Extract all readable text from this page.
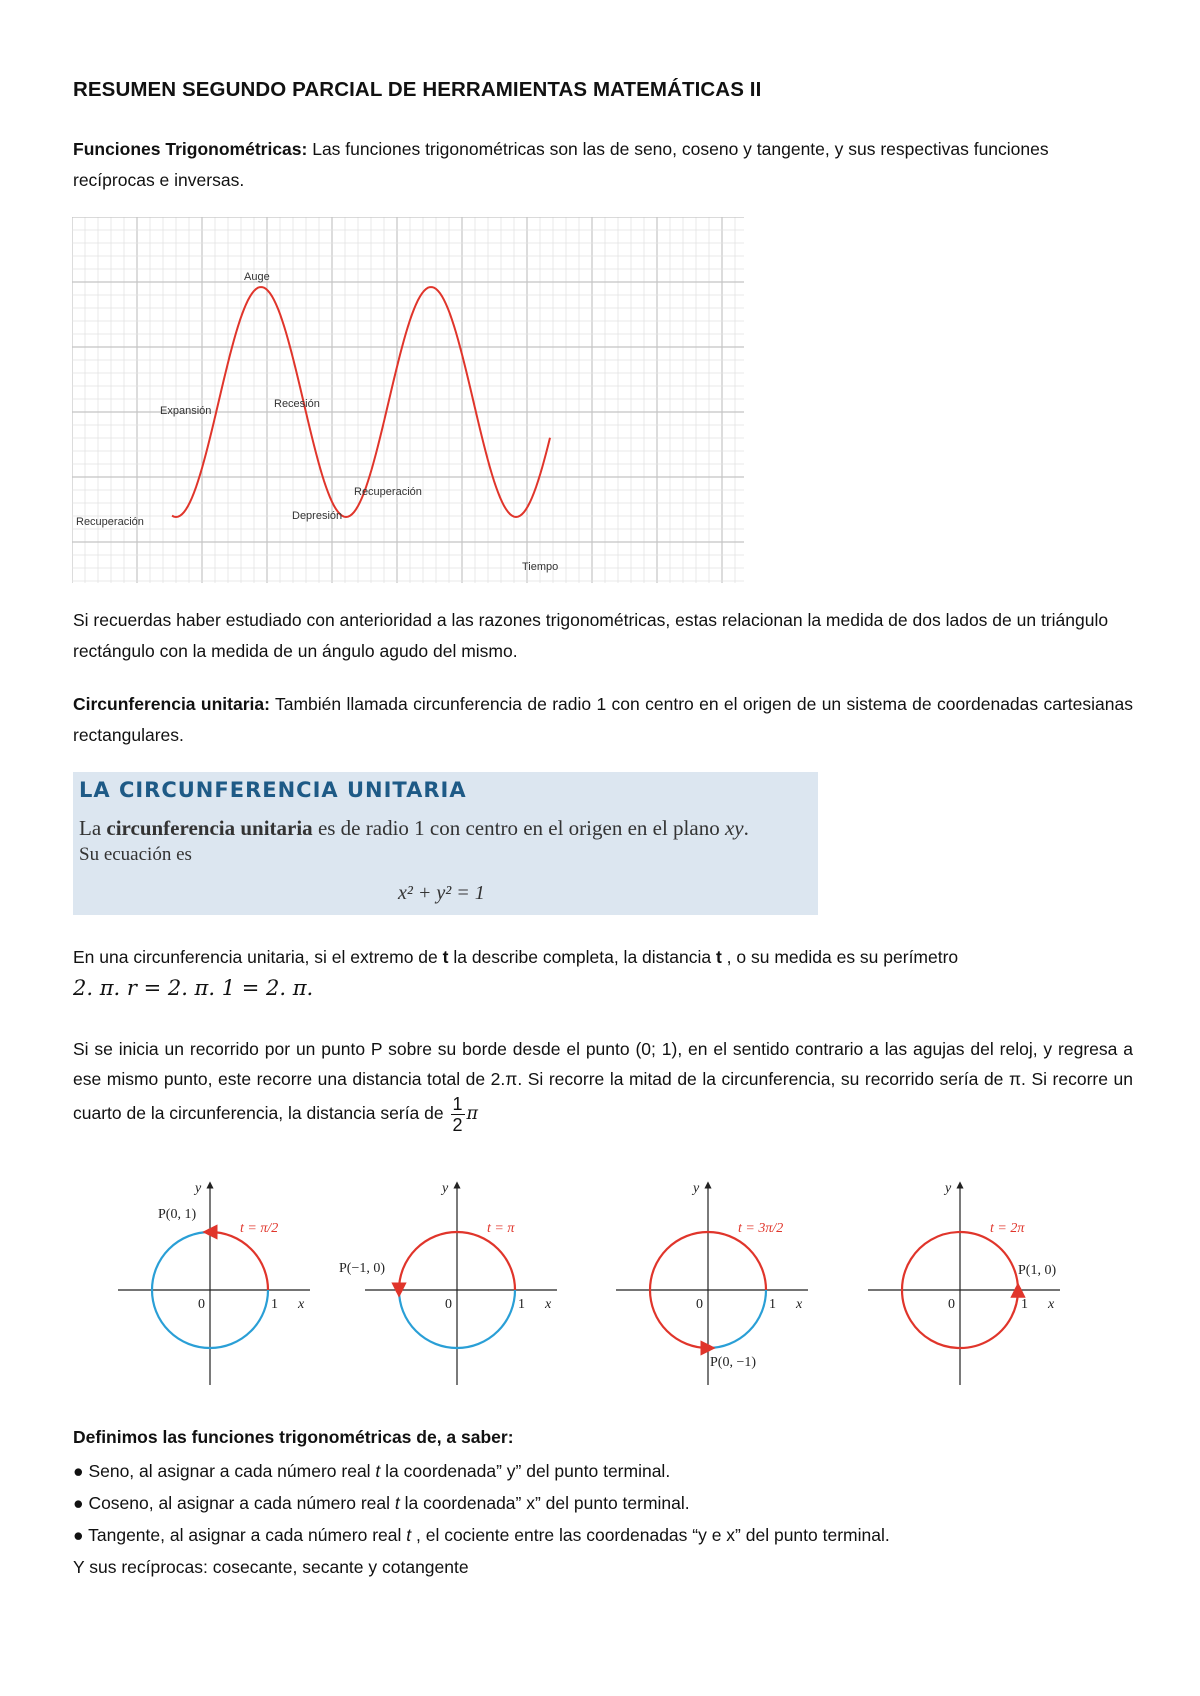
RESUMEN SEGUNDO PARCIAL DE HERRAMIENTAS MATEMÁTICAS II
Funciones Trigonométricas: Las funciones trigonométricas son las de seno, coseno y tangente, y sus respectivas funciones recíprocas e inversas.
Auge
Expansión
Recesión
Depresión
Recuperación
Recuperación
Tiempo
Si recuerdas haber estudiado con anterioridad a las razones trigonométricas, estas relacionan la medida de dos lados de un triángulo rectángulo con la medida de un ángulo agudo del mismo.
Circunferencia unitaria: También llamada circunferencia de radio 1 con centro en el origen de un sistema de coordenadas cartesianas rectangulares.
LA CIRCUNFERENCIA UNITARIA
La circunferencia unitaria es de radio 1 con centro en el origen en el plano xy.
Su ecuación es
x² + y² = 1
En una circunferencia unitaria, si el extremo de t la describe completa, la distancia t , o su medida es su perímetro
2. π. r = 2. π. 1 = 2. π.
Si se inicia un recorrido por un punto P sobre su borde desde el punto (0; 1), en el sentido contrario a las agujas del reloj, y regresa a ese mismo punto, este recorre una distancia total de 2.π. Si recorre la mitad de la circunferencia, su recorrido sería de π. Si recorre un cuarto de la circunferencia, la distancia sería de $\frac{1}{2}$ π
y
x
0	1
t = π/2
P(0, 1)
y
x
0	1
t = π
P(−1, 0)
y
x
0	1
t = 3π/2
P(0, −1)
y
x
0	1
t = 2π
P(1, 0)
Definimos las funciones trigonométricas de, a saber:
● Seno, al asignar a cada número real t la coordenada” y” del punto terminal.
● Coseno, al asignar a cada número real t la coordenada” x” del punto terminal.
● Tangente, al asignar a cada número real t , el cociente entre las coordenadas “y e x” del punto terminal.
Y sus recíprocas: cosecante, secante y cotangente
